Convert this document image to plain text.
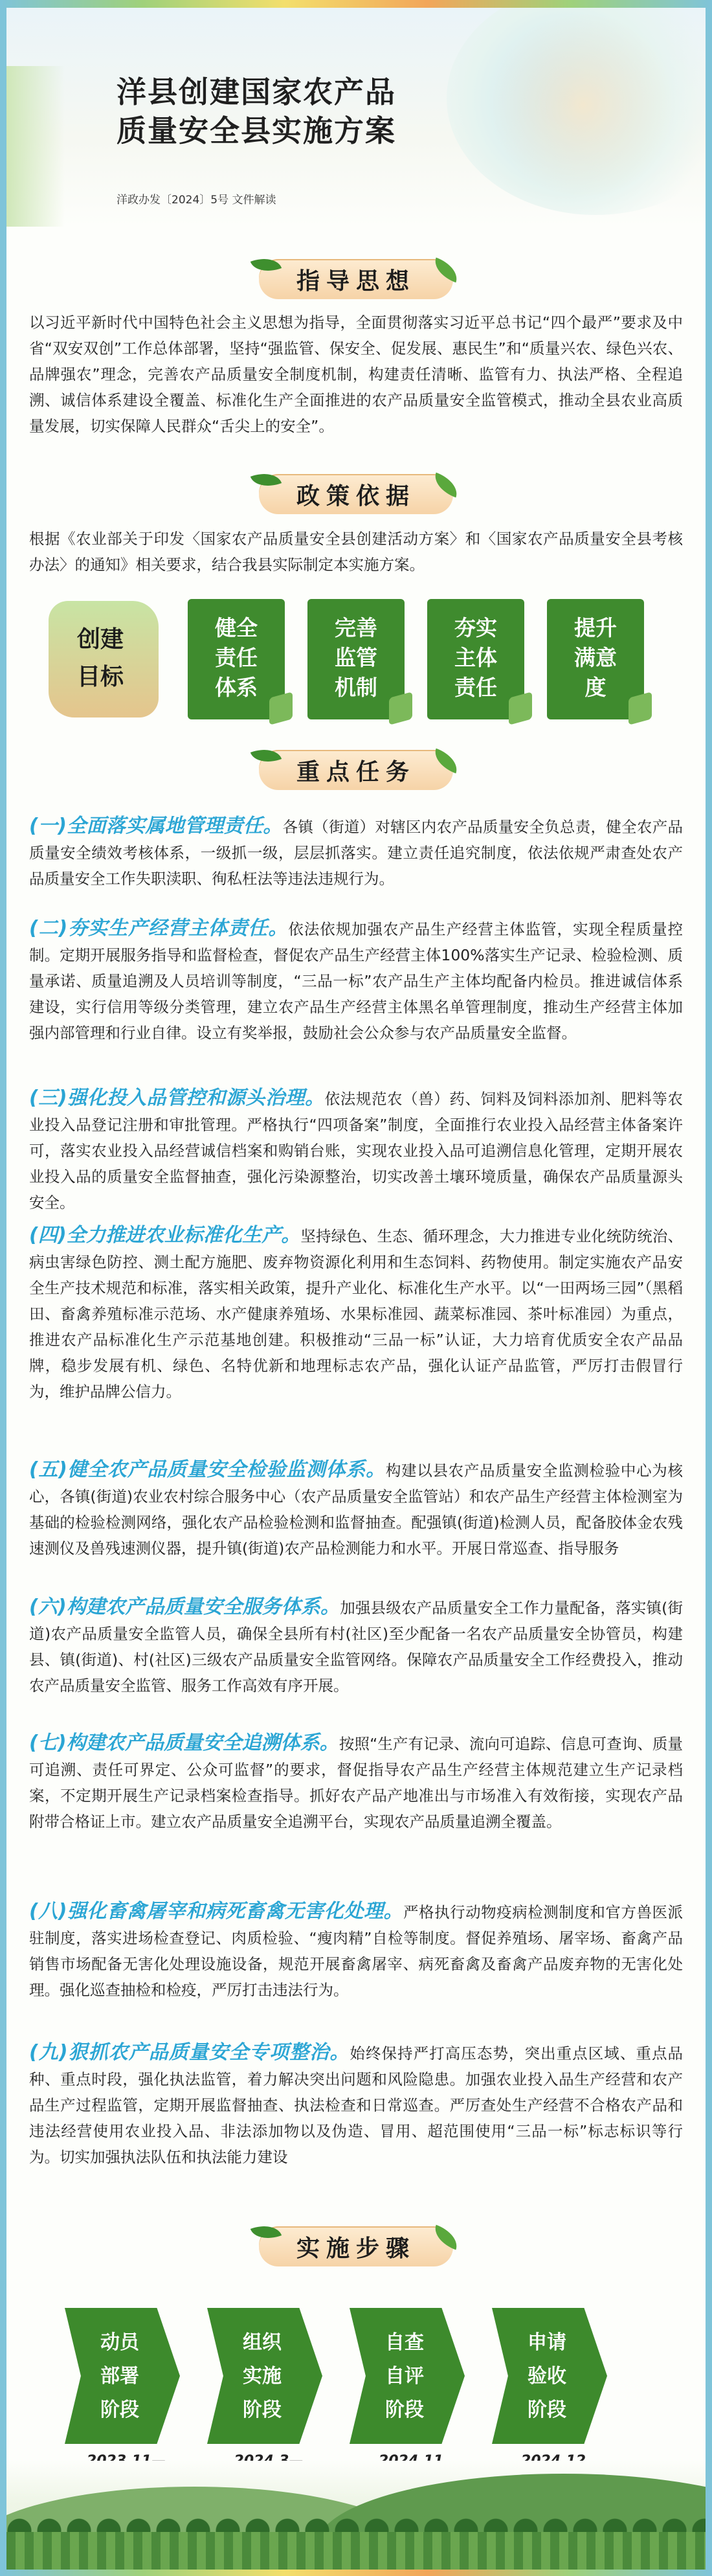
洋县创建国家农产品
质量安全县实施方案
洋政办发〔2024〕5号 文件解读
指导思想
以习近平新时代中国特色社会主义思想为指导，全面贯彻落实习近平总书记“四个最严”要求及中省“双安双创”工作总体部署，坚持“强监管、保安全、促发展、惠民生”和“质量兴农、绿色兴农、品牌强农”理念，完善农产品质量安全制度机制，构建责任清晰、监管有力、执法严格、全程追溯、诚信体系建设全覆盖、标准化生产全面推进的农产品质量安全监管模式，推动全县农业高质量发展，切实保障人民群众“舌尖上的安全”。
政策依据
根据《农业部关于印发〈国家农产品质量安全县创建活动方案〉和〈国家农产品质量安全县考核办法〉的通知》相关要求，结合我县实际制定本实施方案。
创建
目标
健全
责任
体系
完善
监管
机制
夯实
主体
责任
提升
满意
度
重点任务
(一)全面落实属地管理责任。各镇（街道）对辖区内农产品质量安全负总责，健全农产品质量安全绩效考核体系，一级抓一级，层层抓落实。建立责任追究制度，依法依规严肃查处农产品质量安全工作失职渎职、徇私枉法等违法违规行为。
(二)夯实生产经营主体责任。依法依规加强农产品生产经营主体监管，实现全程质量控制。定期开展服务指导和监督检查，督促农产品生产经营主体100%落实生产记录、检验检测、质量承诺、质量追溯及人员培训等制度，“三品一标”农产品生产主体均配备内检员。推进诚信体系建设，实行信用等级分类管理，建立农产品生产经营主体黑名单管理制度，推动生产经营主体加强内部管理和行业自律。设立有奖举报，鼓励社会公众参与农产品质量安全监督。
(三)强化投入品管控和源头治理。依法规范农（兽）药、饲料及饲料添加剂、肥料等农业投入品登记注册和审批管理。严格执行“四项备案”制度，全面推行农业投入品经营主体备案许可，落实农业投入品经营诚信档案和购销台账，实现农业投入品可追溯信息化管理，定期开展农业投入品的质量安全监督抽查，强化污染源整治，切实改善土壤环境质量，确保农产品质量源头安全。
(四)全力推进农业标准化生产。坚持绿色、生态、循环理念，大力推进专业化统防统治、病虫害绿色防控、测土配方施肥、废弃物资源化利用和生态饲料、药物使用。制定实施农产品安全生产技术规范和标准，落实相关政策，提升产业化、标准化生产水平。以“一田两场三园”（黑稻田、畜禽养殖标准示范场、水产健康养殖场、水果标准园、蔬菜标准园、茶叶标准园）为重点，推进农产品标准化生产示范基地创建。积极推动“三品一标”认证，大力培育优质安全农产品品牌，稳步发展有机、绿色、名特优新和地理标志农产品，强化认证产品监管，严厉打击假冒行为，维护品牌公信力。
(五)健全农产品质量安全检验监测体系。构建以县农产品质量安全监测检验中心为核心，各镇(街道)农业农村综合服务中心（农产品质量安全监管站）和农产品生产经营主体检测室为基础的检验检测网络，强化农产品检验检测和监督抽查。配强镇(街道)检测人员，配备胶体金农残速测仪及兽残速测仪器，提升镇(街道)农产品检测能力和水平。开展日常巡查、指导服务
(六)构建农产品质量安全服务体系。加强县级农产品质量安全工作力量配备，落实镇(街道)农产品质量安全监管人员，确保全县所有村(社区)至少配备一名农产品质量安全协管员，构建县、镇(街道)、村(社区)三级农产品质量安全监管网络。保障农产品质量安全工作经费投入，推动农产品质量安全监管、服务工作高效有序开展。
(七)构建农产品质量安全追溯体系。按照“生产有记录、流向可追踪、信息可查询、质量可追溯、责任可界定、公众可监督”的要求，督促指导农产品生产经营主体规范建立生产记录档案，不定期开展生产记录档案检查指导。抓好农产品产地准出与市场准入有效衔接，实现农产品附带合格证上市。建立农产品质量安全追溯平台，实现农产品质量追溯全覆盖。
(八)强化畜禽屠宰和病死畜禽无害化处理。严格执行动物疫病检测制度和官方兽医派驻制度，落实进场检查登记、肉质检验、“瘦肉精”自检等制度。督促养殖场、屠宰场、畜禽产品销售市场配备无害化处理设施设备，规范开展畜禽屠宰、病死畜禽及畜禽产品废弃物的无害化处理。强化巡查抽检和检疫，严厉打击违法行为。
(九)狠抓农产品质量安全专项整治。始终保持严打高压态势，突出重点区域、重点品种、重点时段，强化执法监管，着力解决突出问题和风险隐患。加强农业投入品生产经营和农产品生产过程监管，定期开展监督抽查、执法检查和日常巡查。严厉查处生产经营不合格农产品和违法经营使用农业投入品、非法添加物以及伪造、冒用、超范围使用“三品一标”标志标识等行为。切实加强执法队伍和执法能力建设
实施步骤
动员
部署
阶段
组织
实施
阶段
自查
自评
阶段
申请
验收
阶段
